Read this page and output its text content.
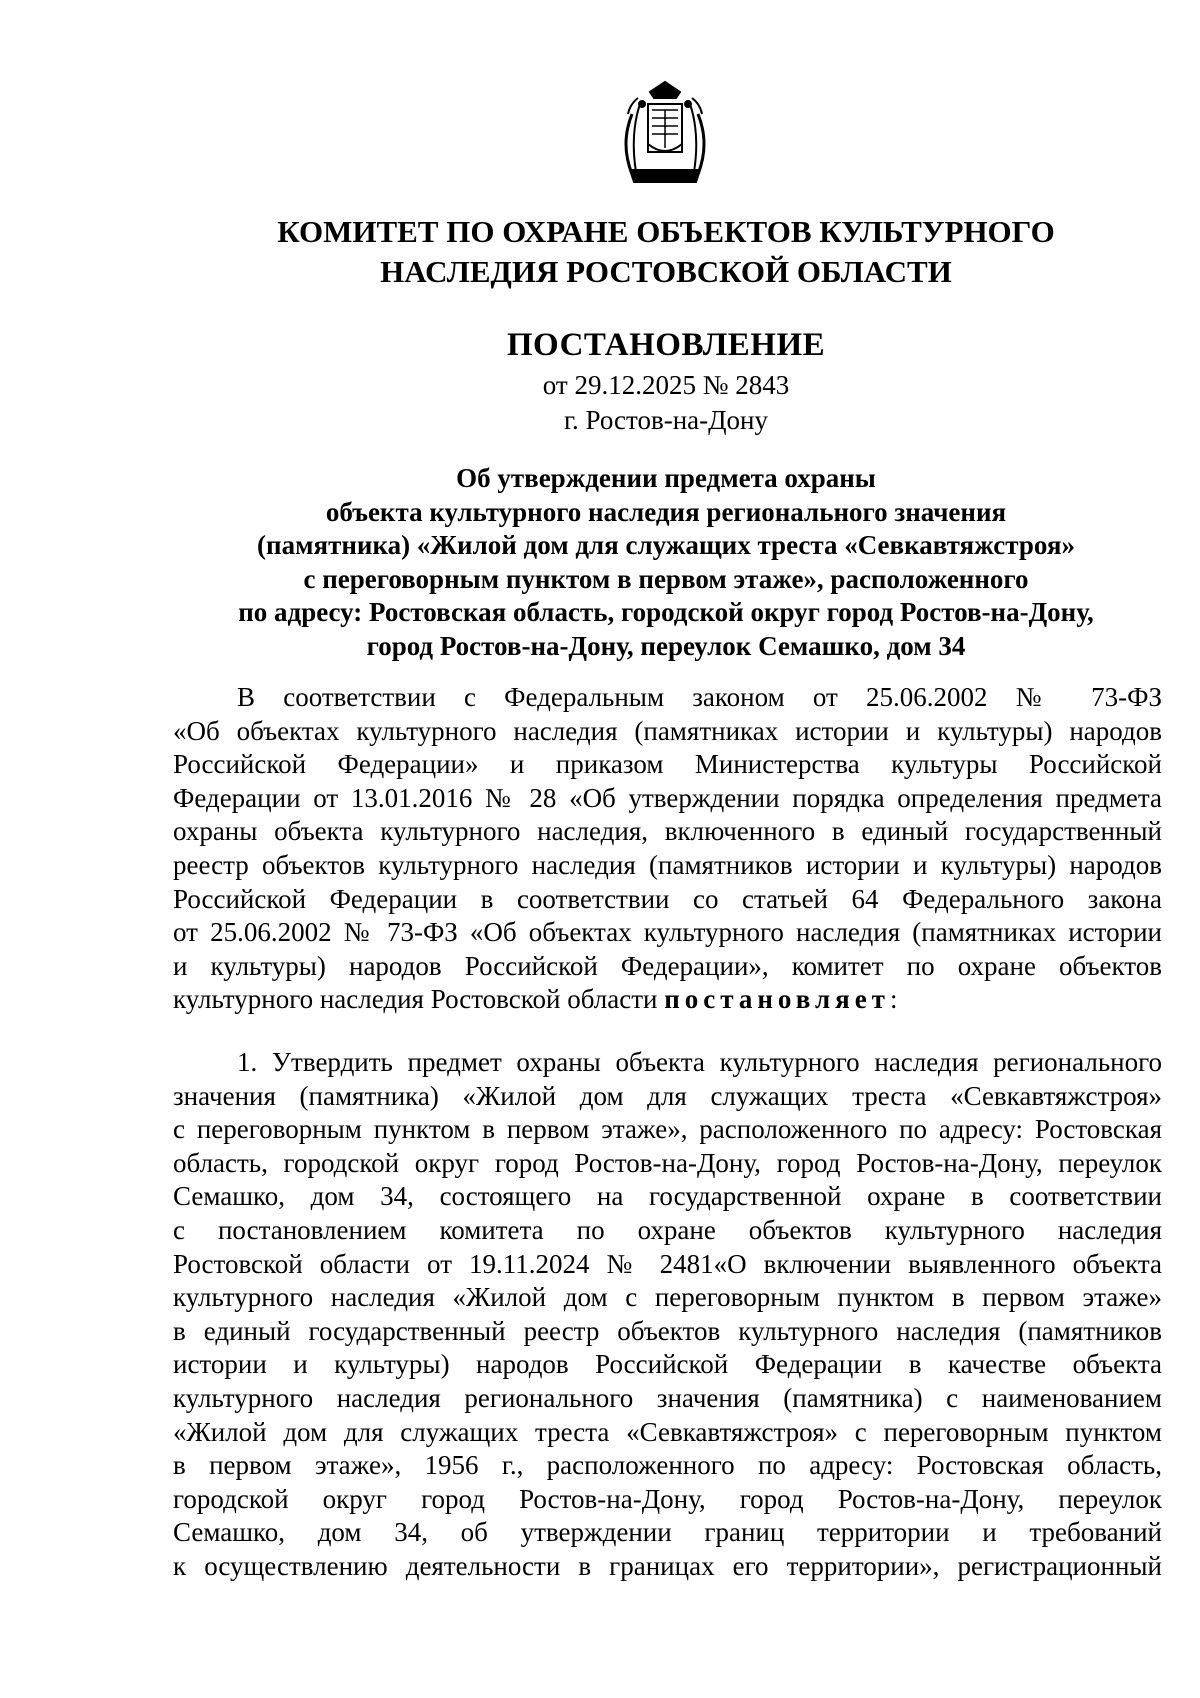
КОМИТЕТ ПО ОХРАНЕ ОБЪЕКТОВ КУЛЬТУРНОГО
НАСЛЕДИЯ РОСТОВСКОЙ ОБЛАСТИ
ПОСТАНОВЛЕНИЕ
от 29.12.2025 № 2843
г. Ростов-на-Дону
Об утверждении предмета охраны
объекта культурного наследия регионального значения
(памятника) «Жилой дом для служащих треста «Севкавтяжстроя»
с переговорным пунктом в первом этаже», расположенного
по адресу: Ростовская область, городской округ город Ростов-на-Дону,
город Ростов-на-Дону, переулок Семашко, дом 34
В соответствии с Федеральным законом от 25.06.2002 № 73-ФЗ
«Об объектах культурного наследия (памятниках истории и культуры) народов
Российской Федерации» и приказом Министерства культуры Российской
Федерации от 13.01.2016 № 28 «Об утверждении порядка определения предмета
охраны объекта культурного наследия, включенного в единый государственный
реестр объектов культурного наследия (памятников истории и культуры) народов
Российской Федерации в соответствии со статьей 64 Федерального закона
от 25.06.2002 № 73-ФЗ «Об объектах культурного наследия (памятниках истории
и культуры) народов Российской Федерации», комитет по охране объектов
культурного наследия Ростовской области постановляет:
1. Утвердить предмет охраны объекта культурного наследия регионального
значения (памятника) «Жилой дом для служащих треста «Севкавтяжстроя»
с переговорным пунктом в первом этаже», расположенного по адресу: Ростовская
область, городской округ город Ростов-на-Дону, город Ростов-на-Дону, переулок
Семашко, дом 34, состоящего на государственной охране в соответствии
с постановлением комитета по охране объектов культурного наследия
Ростовской области от 19.11.2024 № 2481«О включении выявленного объекта
культурного наследия «Жилой дом с переговорным пунктом в первом этаже»
в единый государственный реестр объектов культурного наследия (памятников
истории и культуры) народов Российской Федерации в качестве объекта
культурного наследия регионального значения (памятника) с наименованием
«Жилой дом для служащих треста «Севкавтяжстроя» с переговорным пунктом
в первом этаже», 1956 г., расположенного по адресу: Ростовская область,
городской округ город Ростов-на-Дону, город Ростов-на-Дону, переулок
Семашко, дом 34, об утверждении границ территории и требований
к осуществлению деятельности в границах его территории», регистрационный
